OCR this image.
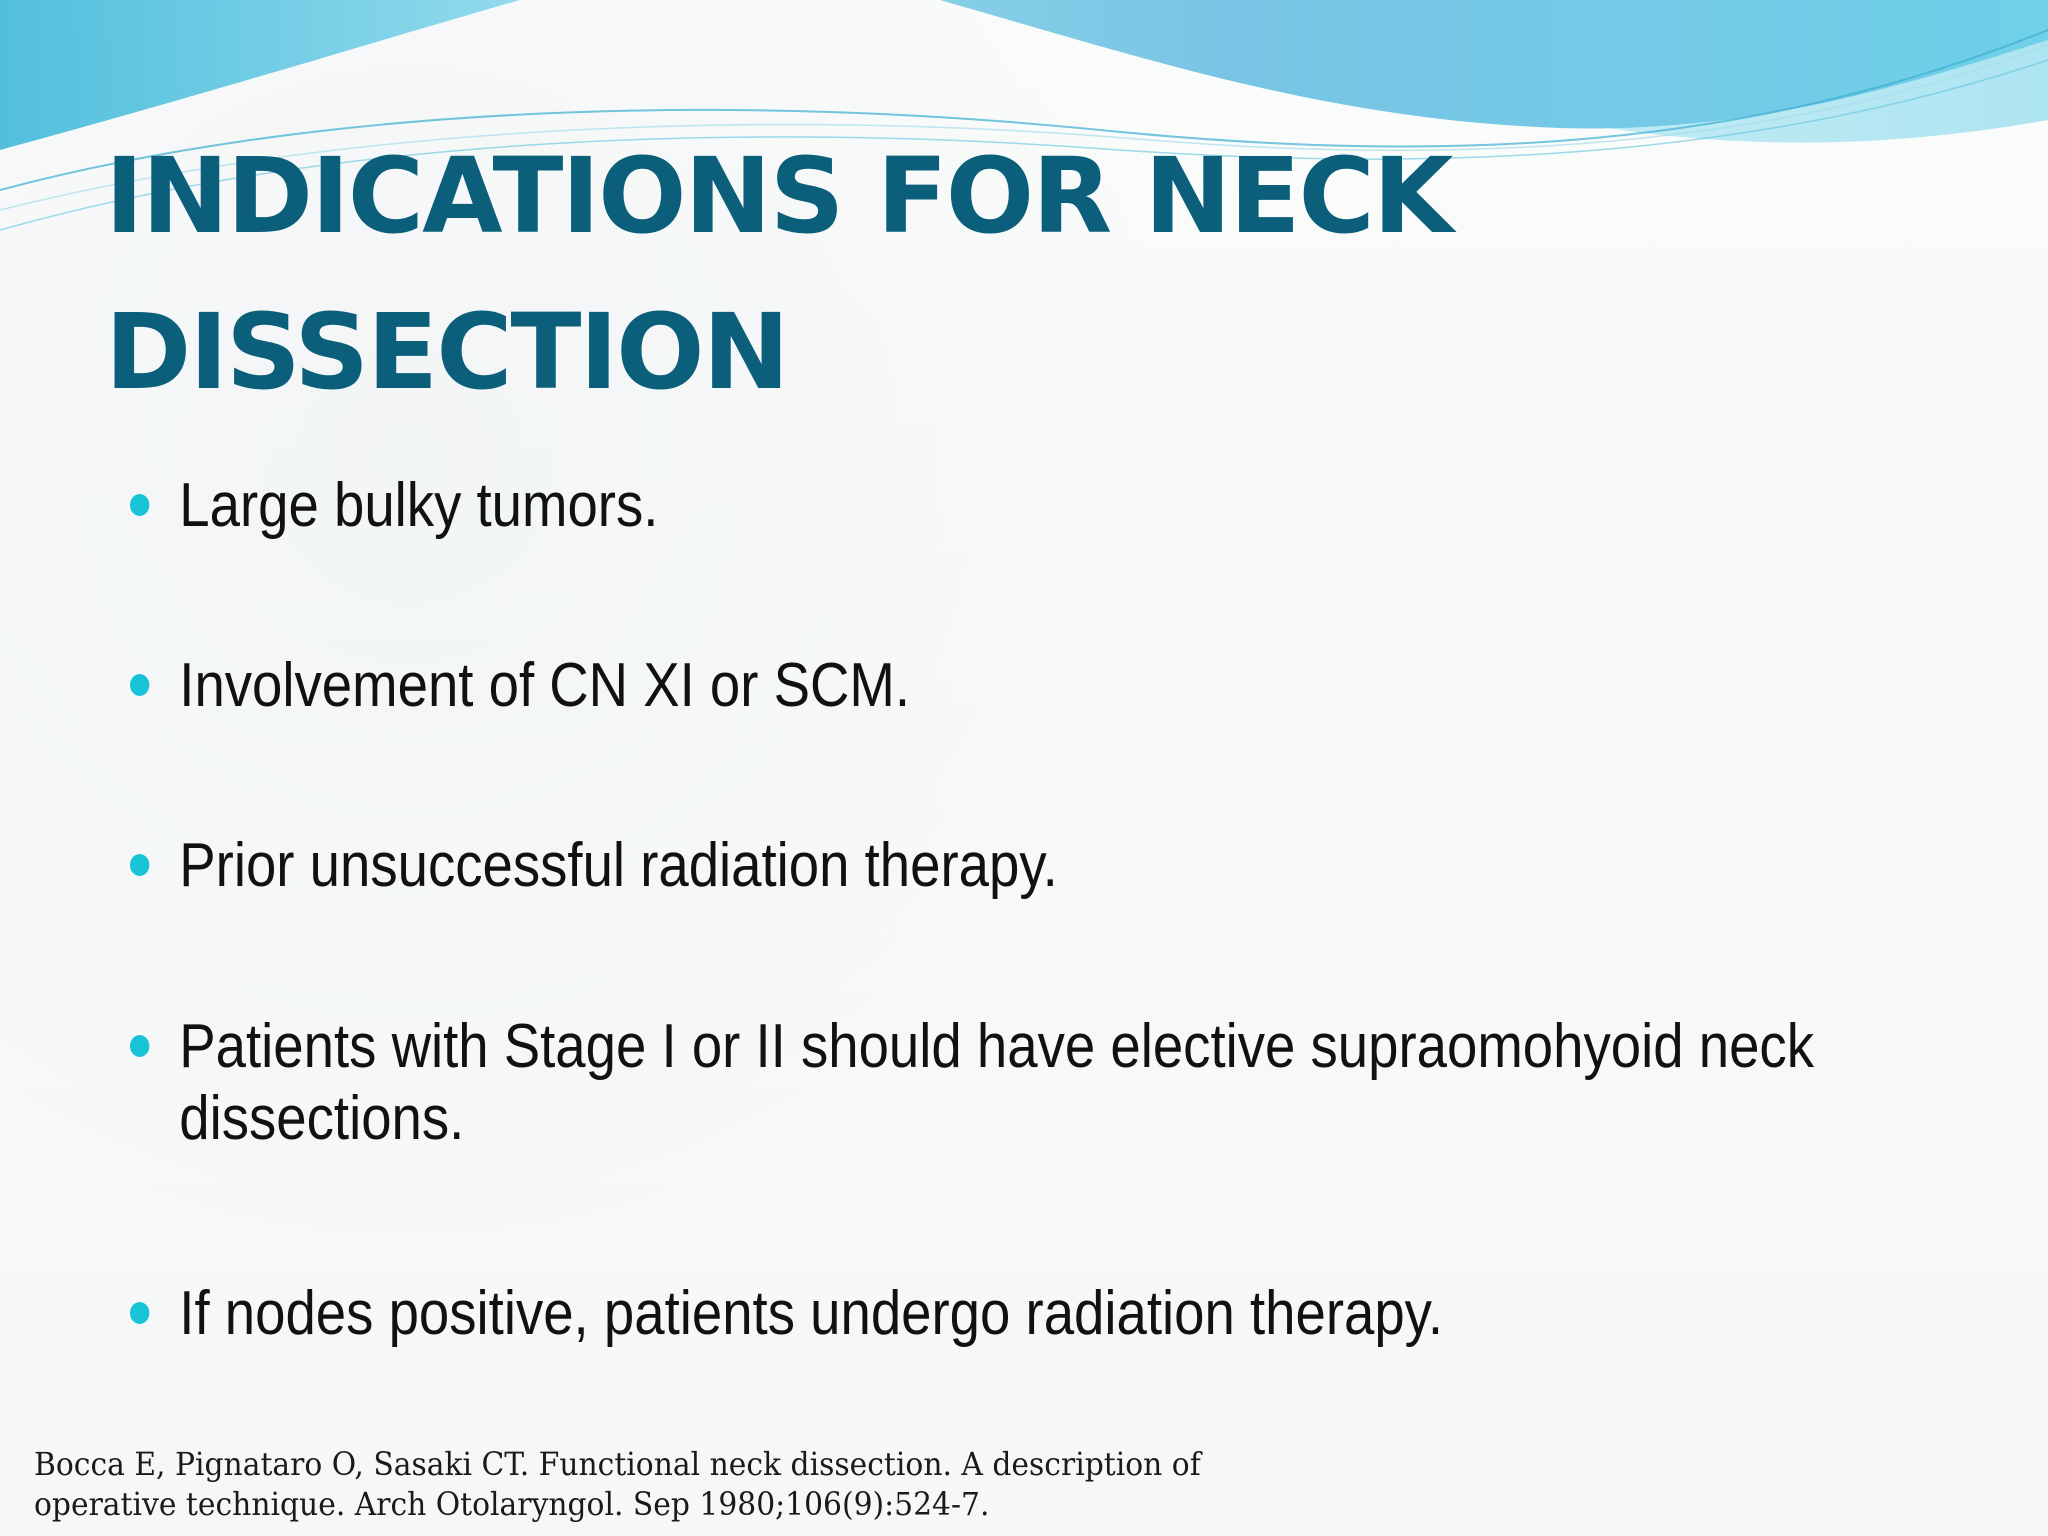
INDICATIONS FOR NECK DISSECTION
Large bulky tumors.
Involvement of CN XI or SCM.
Prior unsuccessful radiation therapy.
Patients with Stage I or II should have elective supraomohyoid neck dissections.
If nodes positive, patients undergo radiation therapy.

Bocca E, Pignataro O, Sasaki CT. Functional neck dissection. A description of operative technique. Arch Otolaryngol. Sep 1980;106(9):524-7.
